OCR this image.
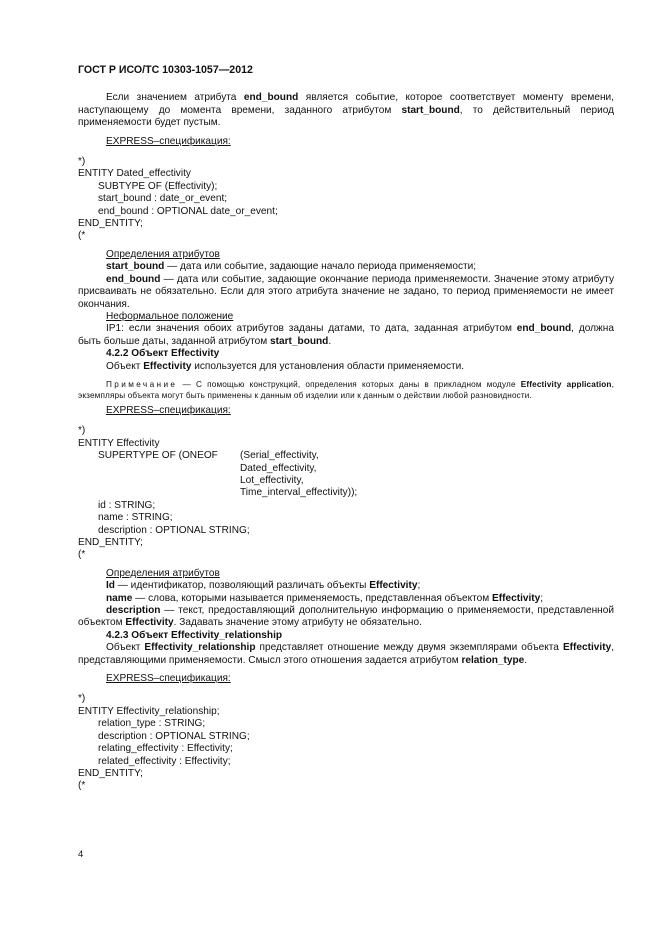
ГОСТ Р ИСО/ТС 10303-1057—2012

Если значением атрибута end_bound является событие, которое соответствует моменту времени, наступающему до момента времени, заданного атрибутом start_bound, то действительный период применяемости будет пустым.

EXPRESS–спецификация:

*)

ENTITY Dated_effectivity

SUBTYPE OF (Effectivity);

start_bound : date_or_event;

end_bound : OPTIONAL date_or_event;

END_ENTITY;

(*

Определения атрибутов

start_bound — дата или событие, задающие начало периода применяемости;

end_bound — дата или событие, задающие окончание периода применяемости. Значение этому атрибуту присваивать не обязательно. Если для этого атрибута значение не задано, то период применяемости не имеет окончания.

Неформальное положение

IP1: если значения обоих атрибутов заданы датами, то дата, заданная атрибутом end_bound, должна быть больше даты, заданной атрибутом start_bound.

4.2.2 Объект Effectivity

Объект Effectivity используется для установления области применяемости.

Примечание — С помощью конструкций, определения которых даны в прикладном модуле Effectivity application, экземпляры объекта могут быть применены к данным об изделии или к данным о действии любой разновидности.

EXPRESS–спецификация:

*)

ENTITY Effectivity

SUPERTYPE OF (ONEOF	(Serial_effectivity,
Dated_effectivity,
Lot_effectivity,
Time_interval_effectivity));

id : STRING;

name : STRING;

description : OPTIONAL STRING;

END_ENTITY;

(*

Определения атрибутов

Id — идентификатор, позволяющий различать объекты Effectivity;

name — слова, которыми называется применяемость, представленная объектом Effectivity;

description — текст, предоставляющий дополнительную информацию о применяемости, представленной объектом Effectivity. Задавать значение этому атрибуту не обязательно.

4.2.3 Объект Effectivity_relationship

Объект Effectivity_relationship представляет отношение между двумя экземплярами объекта Effectivity, представляющими применяемости. Смысл этого отношения задается атрибутом relation_type.

EXPRESS–спецификация:

*)

ENTITY Effectivity_relationship;

relation_type : STRING;

description : OPTIONAL STRING;

relating_effectivity : Effectivity;

related_effectivity : Effectivity;

END_ENTITY;

(*

4
